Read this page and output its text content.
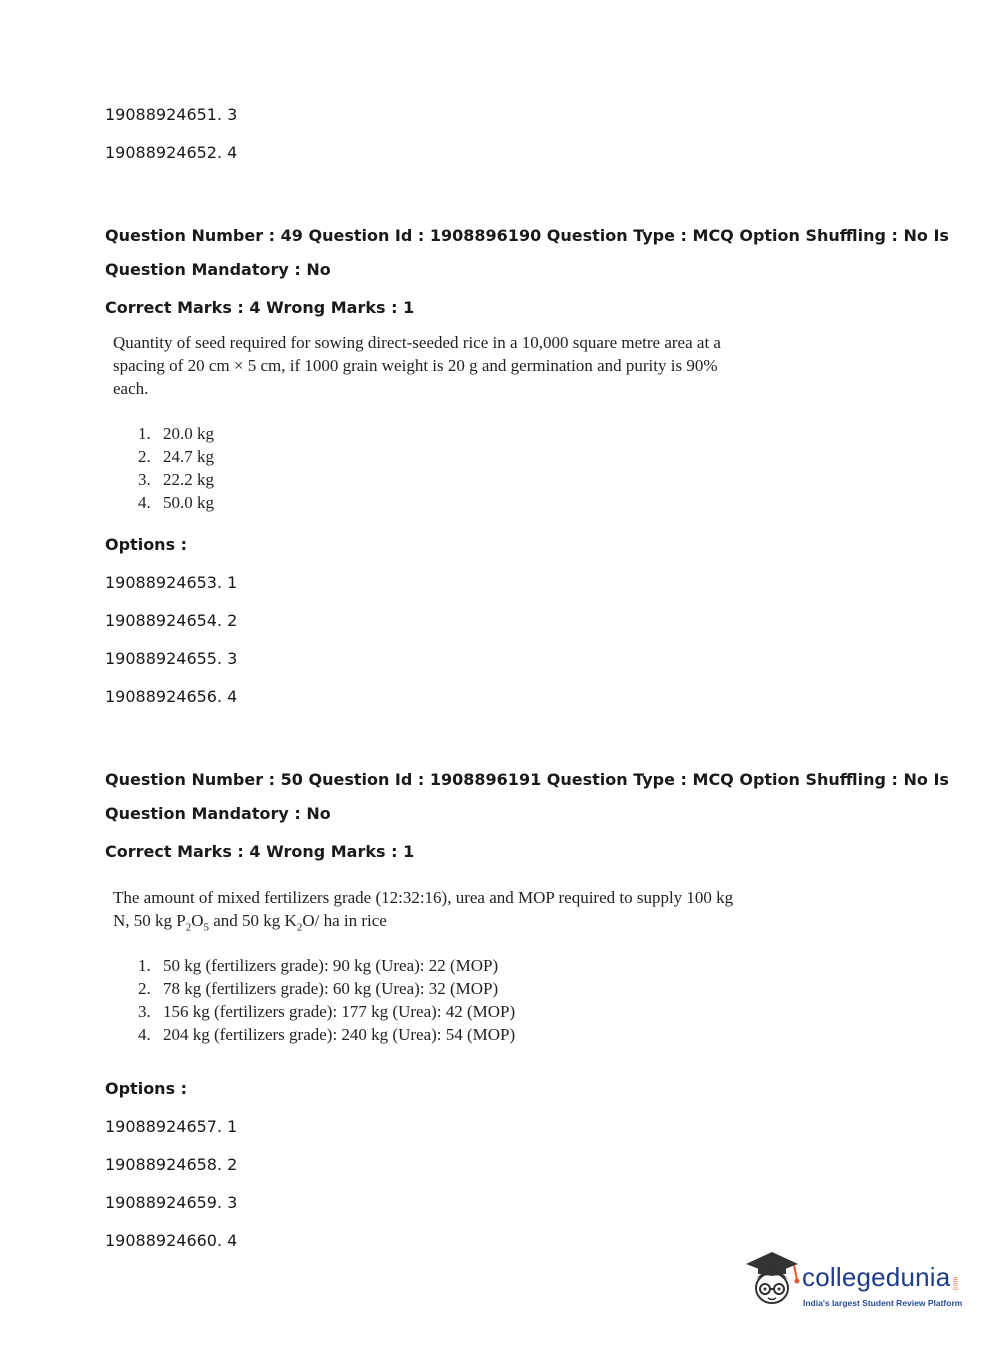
19088924651. 3
19088924652. 4
Question Number : 49 Question Id : 1908896190 Question Type : MCQ Option Shuffling : No Is
Question Mandatory : No
Correct Marks : 4 Wrong Marks : 1
Quantity of seed required for sowing direct-seeded rice in a 10,000 square metre area at a
spacing of 20 cm × 5 cm, if 1000 grain weight is 20 g and germination and purity is 90%
each.
1. 20.0 kg
2. 24.7 kg
3. 22.2 kg
4. 50.0 kg
Options :
19088924653. 1
19088924654. 2
19088924655. 3
19088924656. 4
Question Number : 50 Question Id : 1908896191 Question Type : MCQ Option Shuffling : No Is
Question Mandatory : No
Correct Marks : 4 Wrong Marks : 1
The amount of mixed fertilizers grade (12:32:16), urea and MOP required to supply 100 kg
N, 50 kg $P_2O_5$ and 50 kg $K_2O/$ ha in rice
1. 50 kg (fertilizers grade): 90 kg (Urea): 22 (MOP)
2. 78 kg (fertilizers grade): 60 kg (Urea): 32 (MOP)
3. 156 kg (fertilizers grade): 177 kg (Urea): 42 (MOP)
4. 204 kg (fertilizers grade): 240 kg (Urea): 54 (MOP)
Options :
19088924657. 1
19088924658. 2
19088924659. 3
19088924660. 4
collegedunia .com
India's largest Student Review Platform
